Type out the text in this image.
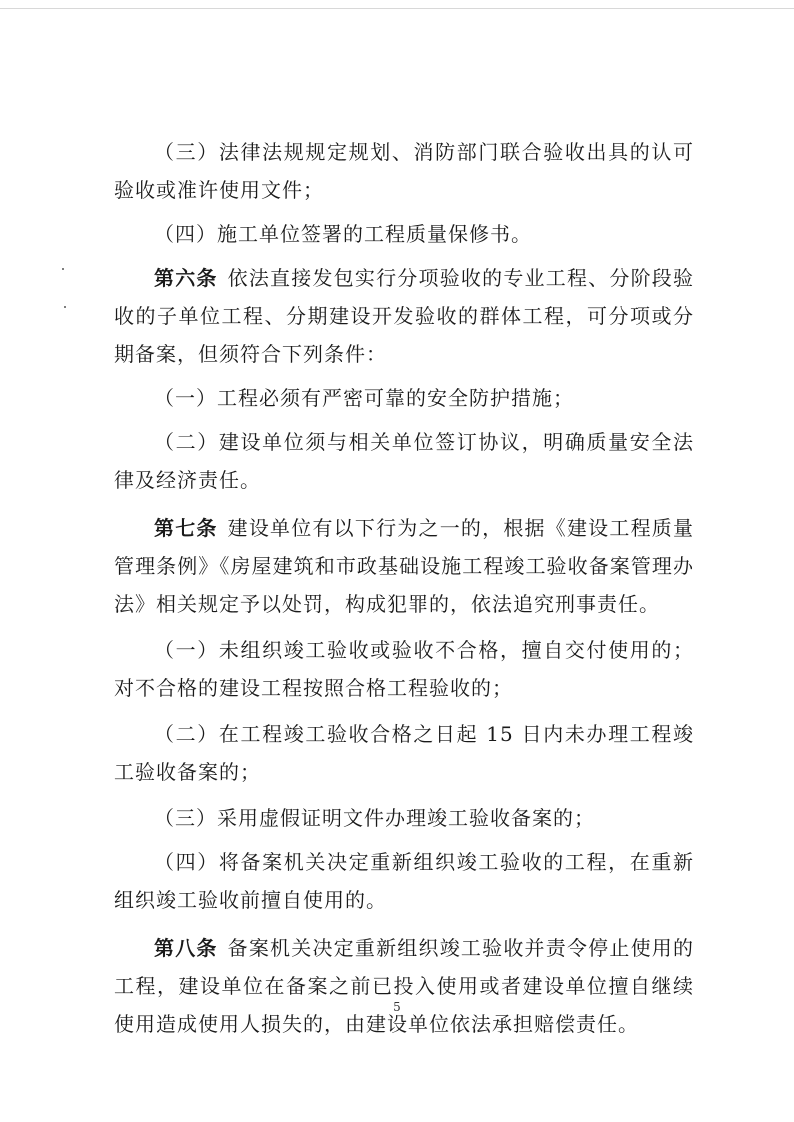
（三）法律法规规定规划、消防部门联合验收出具的认可验收或准许使用文件；

（四）施工单位签署的工程质量保修书。

第六条 依法直接发包实行分项验收的专业工程、分阶段验收的子单位工程、分期建设开发验收的群体工程，可分项或分期备案，但须符合下列条件：

（一）工程必须有严密可靠的安全防护措施；

（二）建设单位须与相关单位签订协议，明确质量安全法律及经济责任。

第七条 建设单位有以下行为之一的，根据《建设工程质量管理条例》《房屋建筑和市政基础设施工程竣工验收备案管理办法》相关规定予以处罚，构成犯罪的，依法追究刑事责任。

（一）未组织竣工验收或验收不合格，擅自交付使用的；对不合格的建设工程按照合格工程验收的；

（二）在工程竣工验收合格之日起 15 日内未办理工程竣工验收备案的；

（三）采用虚假证明文件办理竣工验收备案的；

（四）将备案机关决定重新组织竣工验收的工程，在重新组织竣工验收前擅自使用的。

第八条 备案机关决定重新组织竣工验收并责令停止使用的工程，建设单位在备案之前已投入使用或者建设单位擅自继续使用造成使用人损失的，由建设单位依法承担赔偿责任。

5
